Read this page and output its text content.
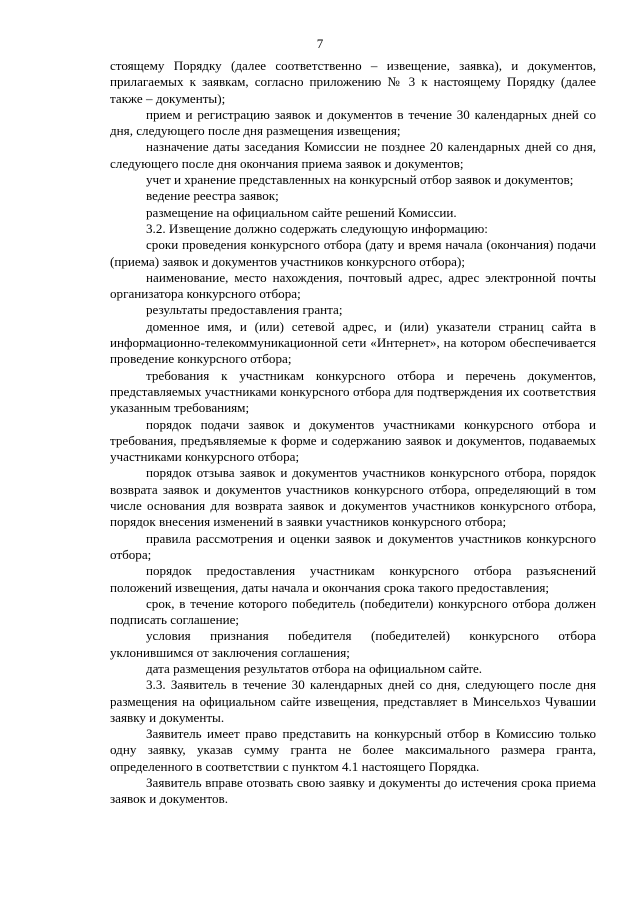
7

стоящему Порядку (далее соответственно – извещение, заявка), и документов, прилагаемых к заявкам, согласно приложению № 3 к настоящему Порядку (далее также – документы);

прием и регистрацию заявок и документов в течение 30 календарных дней со дня, следующего после дня размещения извещения;

назначение даты заседания Комиссии не позднее 20 календарных дней со дня, следующего после дня окончания приема заявок и документов;

учет и хранение представленных на конкурсный отбор заявок и документов;

ведение реестра заявок;

размещение на официальном сайте решений Комиссии.

3.2. Извещение должно содержать следующую информацию:

сроки проведения конкурсного отбора (дату и время начала (окончания) подачи (приема) заявок и документов участников конкурсного отбора);

наименование, место нахождения, почтовый адрес, адрес электронной почты организатора конкурсного отбора;

результаты предоставления гранта;

доменное имя, и (или) сетевой адрес, и (или) указатели страниц сайта в информационно-телекоммуникационной сети «Интернет», на котором обеспечивается проведение конкурсного отбора;

требования к участникам конкурсного отбора и перечень документов, представляемых участниками конкурсного отбора для подтверждения их соответствия указанным требованиям;

порядок подачи заявок и документов участниками конкурсного отбора и требования, предъявляемые к форме и содержанию заявок и документов, подаваемых участниками конкурсного отбора;

порядок отзыва заявок и документов участников конкурсного отбора, порядок возврата заявок и документов участников конкурсного отбора, определяющий в том числе основания для возврата заявок и документов участников конкурсного отбора, порядок внесения изменений в заявки участников конкурсного отбора;

правила рассмотрения и оценки заявок и документов участников конкурсного отбора;

порядок предоставления участникам конкурсного отбора разъяснений положений извещения, даты начала и окончания срока такого предоставления;

срок, в течение которого победитель (победители) конкурсного отбора должен подписать соглашение;

условия признания победителя (победителей) конкурсного отбора уклонившимся от заключения соглашения;

дата размещения результатов отбора на официальном сайте.

3.3. Заявитель в течение 30 календарных дней со дня, следующего после дня размещения на официальном сайте извещения, представляет в Минсельхоз Чувашии заявку и документы.

Заявитель имеет право представить на конкурсный отбор в Комиссию только одну заявку, указав сумму гранта не более максимального размера гранта, определенного в соответствии с пунктом 4.1 настоящего Порядка.

Заявитель вправе отозвать свою заявку и документы до истечения срока приема заявок и документов.
